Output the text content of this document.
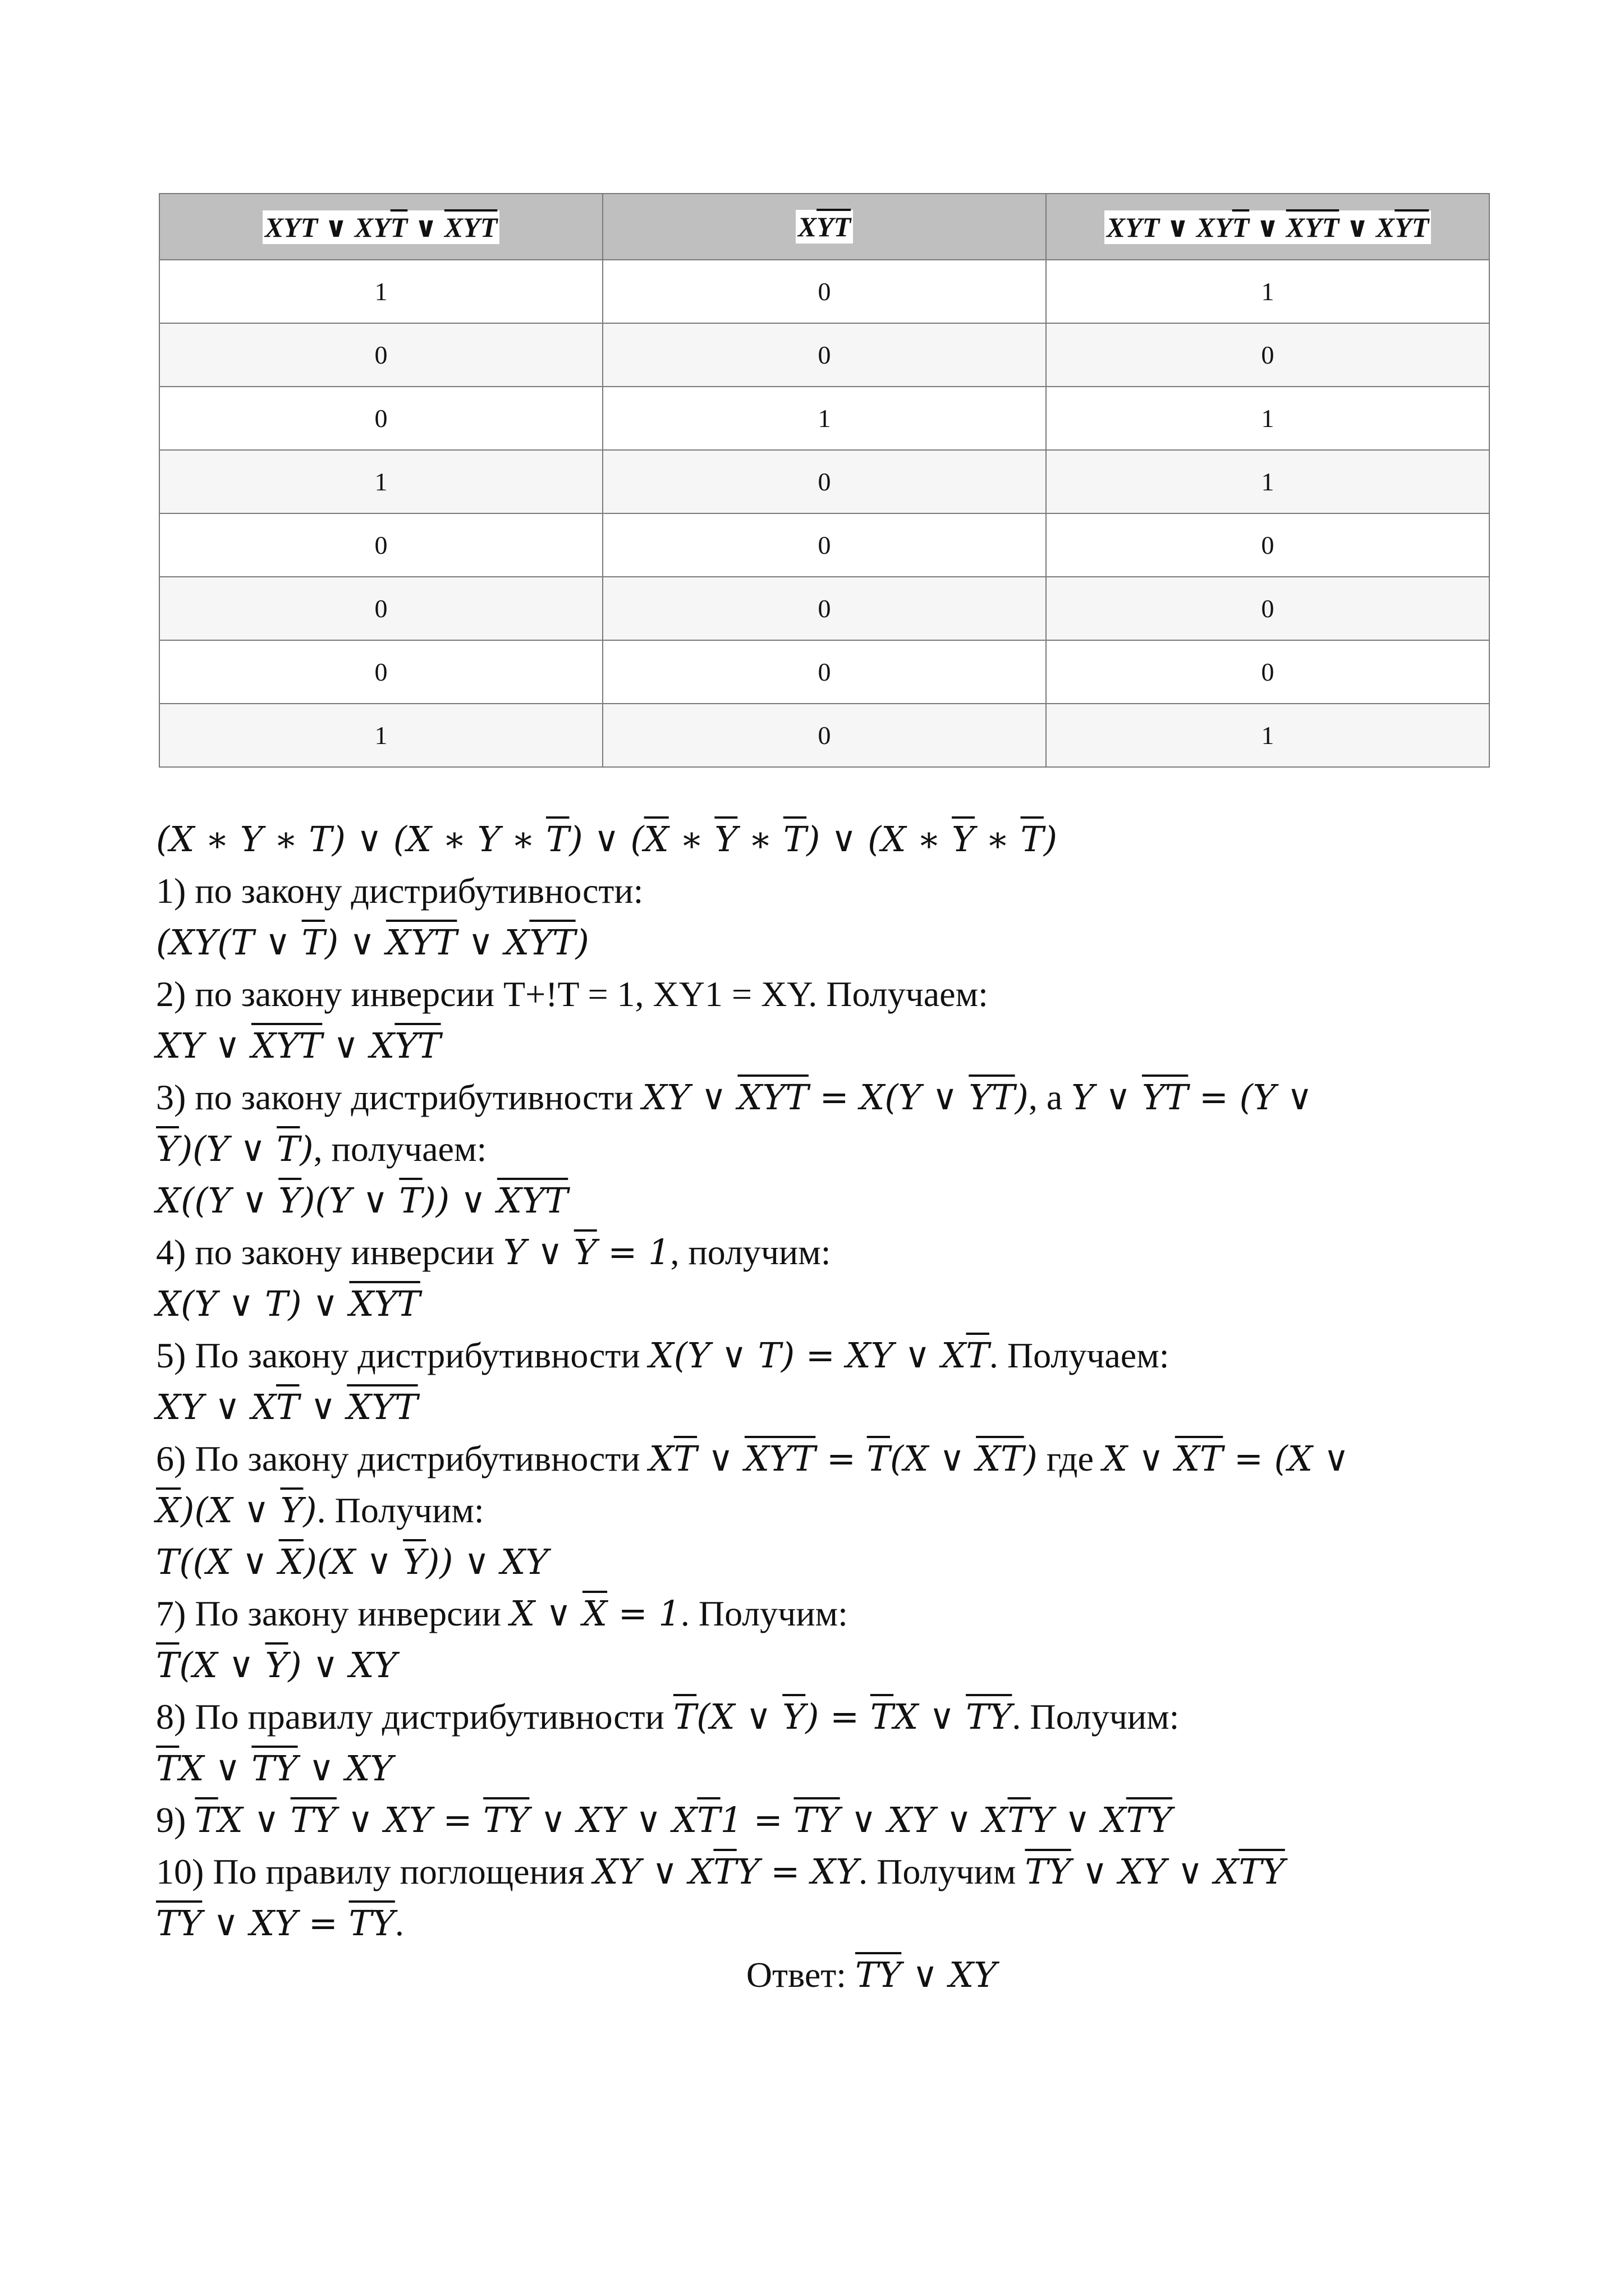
XYT ∨ $XY\overline{T}$ ∨ $\overline{XYT}$	$X\overline{YT}$	XYT ∨ $XY\overline{T}$ ∨ $\overline{XYT}$ ∨ $X\overline{YT}$
1	0	1
0	0	0
0	1	1
1	0	1
0	0	0
0	0	0
0	0	0
1	0	1
(X ∗ Y ∗ T) ∨ (X ∗ Y ∗ $\overline{T}$) ∨ ($\overline{X}$ ∗ $\overline{Y}$ ∗ $\overline{T}$) ∨ (X ∗ $\overline{Y}$ ∗ $\overline{T}$)
1) по закону дистрибутивности:
(XY(T ∨ $\overline{T}$) ∨ $\overline{XYT}$ ∨ $X\overline{YT}$)
2) по закону инверсии T+!T = 1, XY1 = XY. Получаем:
XY ∨ $\overline{XYT}$ ∨ $X\overline{YT}$
3) по закону дистрибутивности XY ∨ $\overline{XYT} = X(Y$ ∨ $\overline{YT}$), а Y ∨ $\overline{YT} = (Y$ ∨
$\overline{Y})(Y$ ∨ $\overline{T}$), получаем:
X((Y ∨ $\overline{Y})(Y$ ∨ $\overline{T}$)) ∨ $\overline{XYT}$
4) по закону инверсии Y ∨ $\overline{Y} = 1$, получим:
X(Y ∨ T) ∨ $\overline{XYT}$
5) По закону дистрибутивности X(Y ∨ T) = XY ∨ $X\overline{T}$. Получаем:
XY ∨ $X\overline{T}$ ∨ $\overline{XYT}$
6) По закону дистрибутивности $X\overline{T}$ ∨ $\overline{XYT} = \overline{T}(X$ ∨ $\overline{XT}$) где X ∨ $\overline{XT} = (X$ ∨
$\overline{X})(X$ ∨ $\overline{Y}$). Получим:
T((X ∨ $\overline{X})(X$ ∨ $\overline{Y}$)) ∨ XY
7) По закону инверсии X ∨ $\overline{X} = 1$. Получим:
$\overline{T}(X$ ∨ $\overline{Y}$) ∨ XY
8) По правилу дистрибутивности $\overline{T}(X$ ∨ $\overline{Y}) = \overline{T}X$ ∨ $\overline{TY}$. Получим:
$\overline{T}X$ ∨ $\overline{TY}$ ∨ XY
9) $\overline{T}X$ ∨ $\overline{TY}$ ∨ XY = $\overline{TY}$ ∨ XY ∨ $X\overline{T}1 = \overline{TY}$ ∨ XY ∨ $X\overline{T}Y$ ∨ $X\overline{TY}$
10) По правилу поглощения XY ∨ $X\overline{T}Y$ = XY. Получим $\overline{TY}$ ∨ XY ∨ $X\overline{TY}$
$\overline{TY}$ ∨ XY = $\overline{TY}$.
Ответ: $\overline{TY}$ ∨ XY
